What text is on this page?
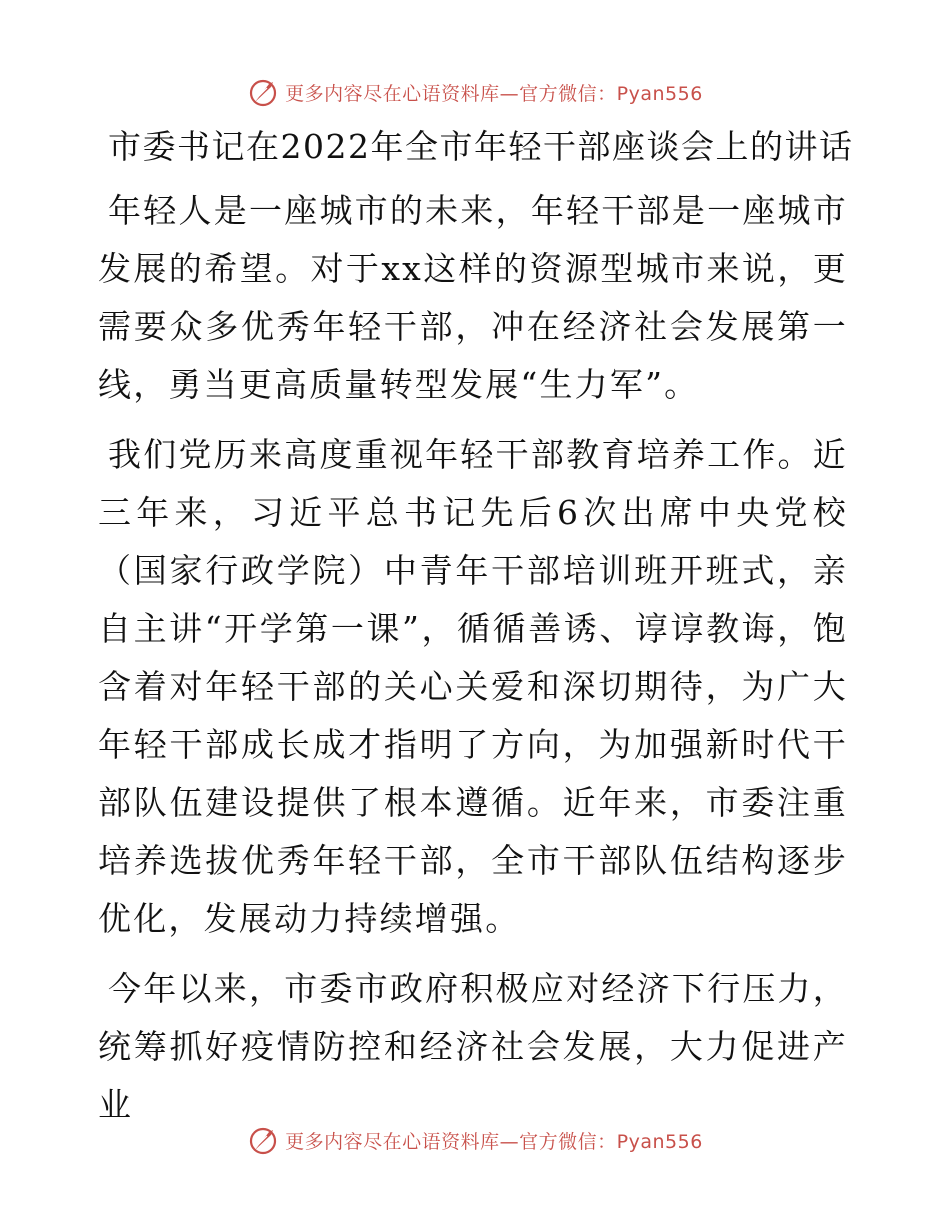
更多内容尽在心语资料库—官方微信：Pyan556
市委书记在2022年全市年轻干部座谈会上的讲话

年轻人是一座城市的未来，年轻干部是一座城市发展的希望。对于xx这样的资源型城市来说，更需要众多优秀年轻干部，冲在经济社会发展第一线，勇当更高质量转型发展“生力军”。

我们党历来高度重视年轻干部教育培养工作。近三年来，习近平总书记先后6次出席中央党校（国家行政学院）中青年干部培训班开班式，亲自主讲“开学第一课”，循循善诱、谆谆教诲，饱含着对年轻干部的关心关爱和深切期待，为广大年轻干部成长成才指明了方向，为加强新时代干部队伍建设提供了根本遵循。近年来，市委注重培养选拔优秀年轻干部，全市干部队伍结构逐步优化，发展动力持续增强。

今年以来，市委市政府积极应对经济下行压力，统筹抓好疫情防控和经济社会发展，大力促进产业

更多内容尽在心语资料库—官方微信：Pyan556
